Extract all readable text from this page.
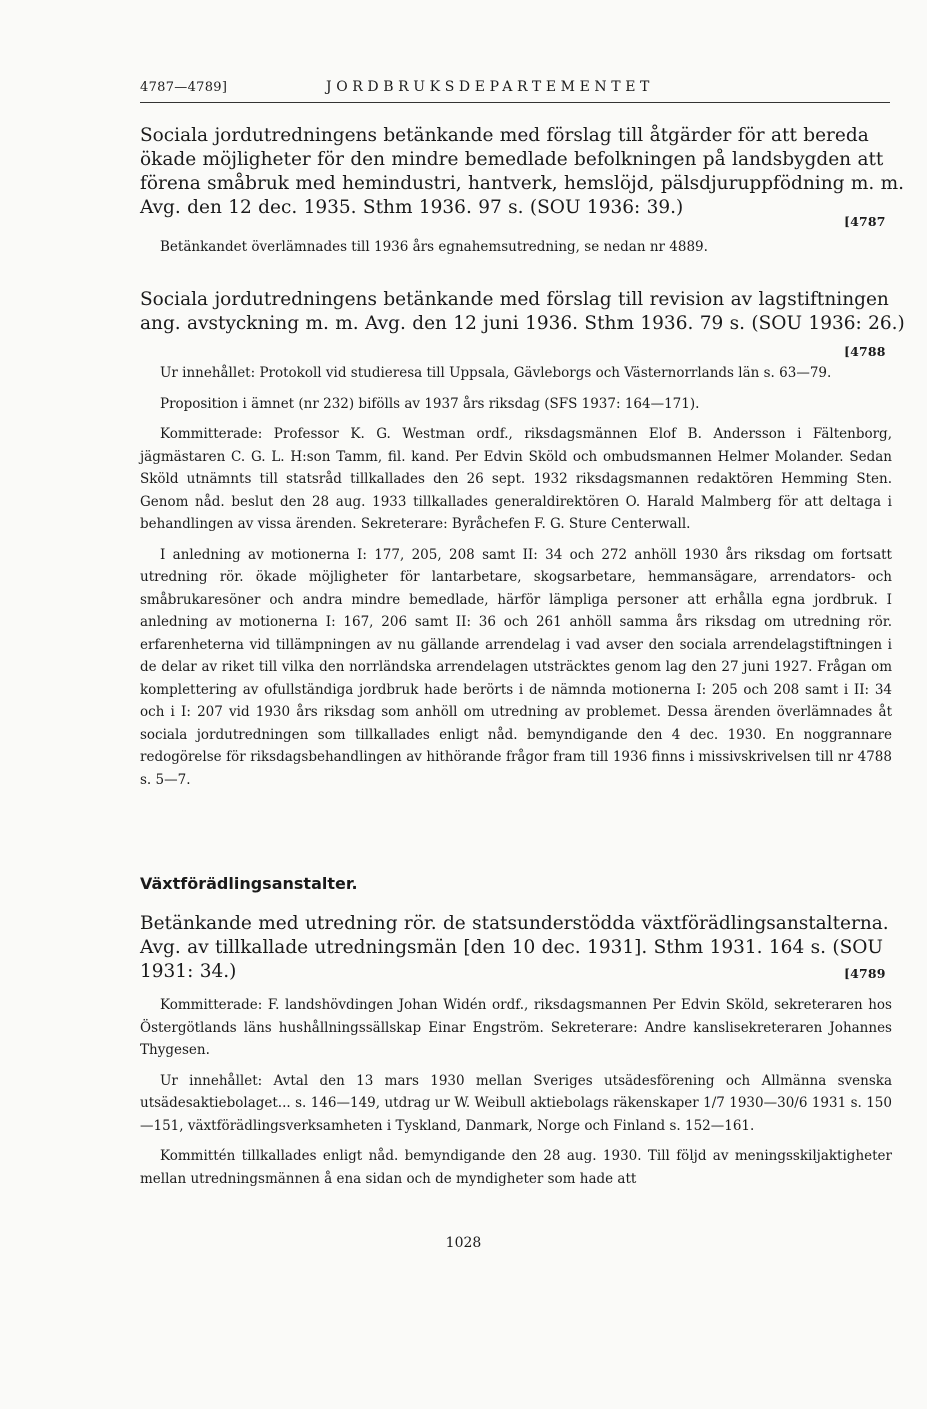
4787—4789]	JORDBRUKSDEPARTEMENTET
Sociala jordutredningens betänkande med förslag till åtgärder för att bereda
ökade möjligheter för den mindre bemedlade befolkningen på landsbygden att
förena småbruk med hemindustri, hantverk, hemslöjd, pälsdjuruppfödning m. m.
Avg. den 12 dec. 1935. Sthm 1936. 97 s. (SOU 1936: 39.)
[4787

Betänkandet överlämnades till 1936 års egnahemsutredning, se nedan nr 4889.

Sociala jordutredningens betänkande med förslag till revision av lagstiftningen
ang. avstyckning m. m. Avg. den 12 juni 1936. Sthm 1936. 79 s. (SOU 1936: 26.)
[4788

Ur innehållet: Protokoll vid studieresa till Uppsala, Gävleborgs och Västernorrlands län s. 63—79.

Proposition i ämnet (nr 232) bifölls av 1937 års riksdag (SFS 1937: 164—171).

Kommitterade: Professor K. G. Westman ordf., riksdagsmännen Elof B. Andersson i Fältenborg, jägmästaren C. G. L. H:son Tamm, fil. kand. Per Edvin Sköld och ombudsmannen Helmer Molander. Sedan Sköld utnämnts till statsråd tillkallades den 26 sept. 1932 riksdagsmannen redaktören Hemming Sten. Genom nåd. beslut den 28 aug. 1933 tillkallades generaldirektören O. Harald Malmberg för att deltaga i behandlingen av vissa ärenden. Sekreterare: Byråchefen F. G. Sture Centerwall.

I anledning av motionerna I: 177, 205, 208 samt II: 34 och 272 anhöll 1930 års riksdag om fortsatt utredning rör. ökade möjligheter för lantarbetare, skogsarbetare, hemmansägare, arrendators- och småbrukaresöner och andra mindre bemedlade, härför lämpliga personer att erhålla egna jordbruk. I anledning av motionerna I: 167, 206 samt II: 36 och 261 anhöll samma års riksdag om utredning rör. erfarenheterna vid tillämpningen av nu gällande arrendelag i vad avser den sociala arrendelagstiftningen i de delar av riket till vilka den norrländska arrendelagen utsträcktes genom lag den 27 juni 1927. Frågan om komplettering av ofullständiga jordbruk hade berörts i de nämnda motionerna I: 205 och 208 samt i II: 34 och i I: 207 vid 1930 års riksdag som anhöll om utredning av problemet. Dessa ärenden överlämnades åt sociala jordutredningen som tillkallades enligt nåd. bemyndigande den 4 dec. 1930. En noggrannare redogörelse för riksdagsbehandlingen av hithörande frågor fram till 1936 finns i missivskrivelsen till nr 4788 s. 5—7.

Växtförädlingsanstalter.
Betänkande med utredning rör. de statsunderstödda växtförädlingsanstalterna.
Avg. av tillkallade utredningsmän [den 10 dec. 1931]. Sthm 1931. 164 s. (SOU
1931: 34.)	[4789

Kommitterade: F. landshövdingen Johan Widén ordf., riksdagsmannen Per Edvin Sköld, sekreteraren hos Östergötlands läns hushållningssällskap Einar Engström. Sekreterare: Andre kanslisekreteraren Johannes Thygesen.

Ur innehållet: Avtal den 13 mars 1930 mellan Sveriges utsädesförening och Allmänna svenska utsädesaktiebolaget... s. 146—149, utdrag ur W. Weibull aktiebolags räkenskaper 1/7 1930—30/6 1931 s. 150—151, växtförädlingsverksamheten i Tyskland, Danmark, Norge och Finland s. 152—161.

Kommittén tillkallades enligt nåd. bemyndigande den 28 aug. 1930. Till följd av meningsskiljaktigheter mellan utredningsmännen å ena sidan och de myndigheter som hade att

1028
